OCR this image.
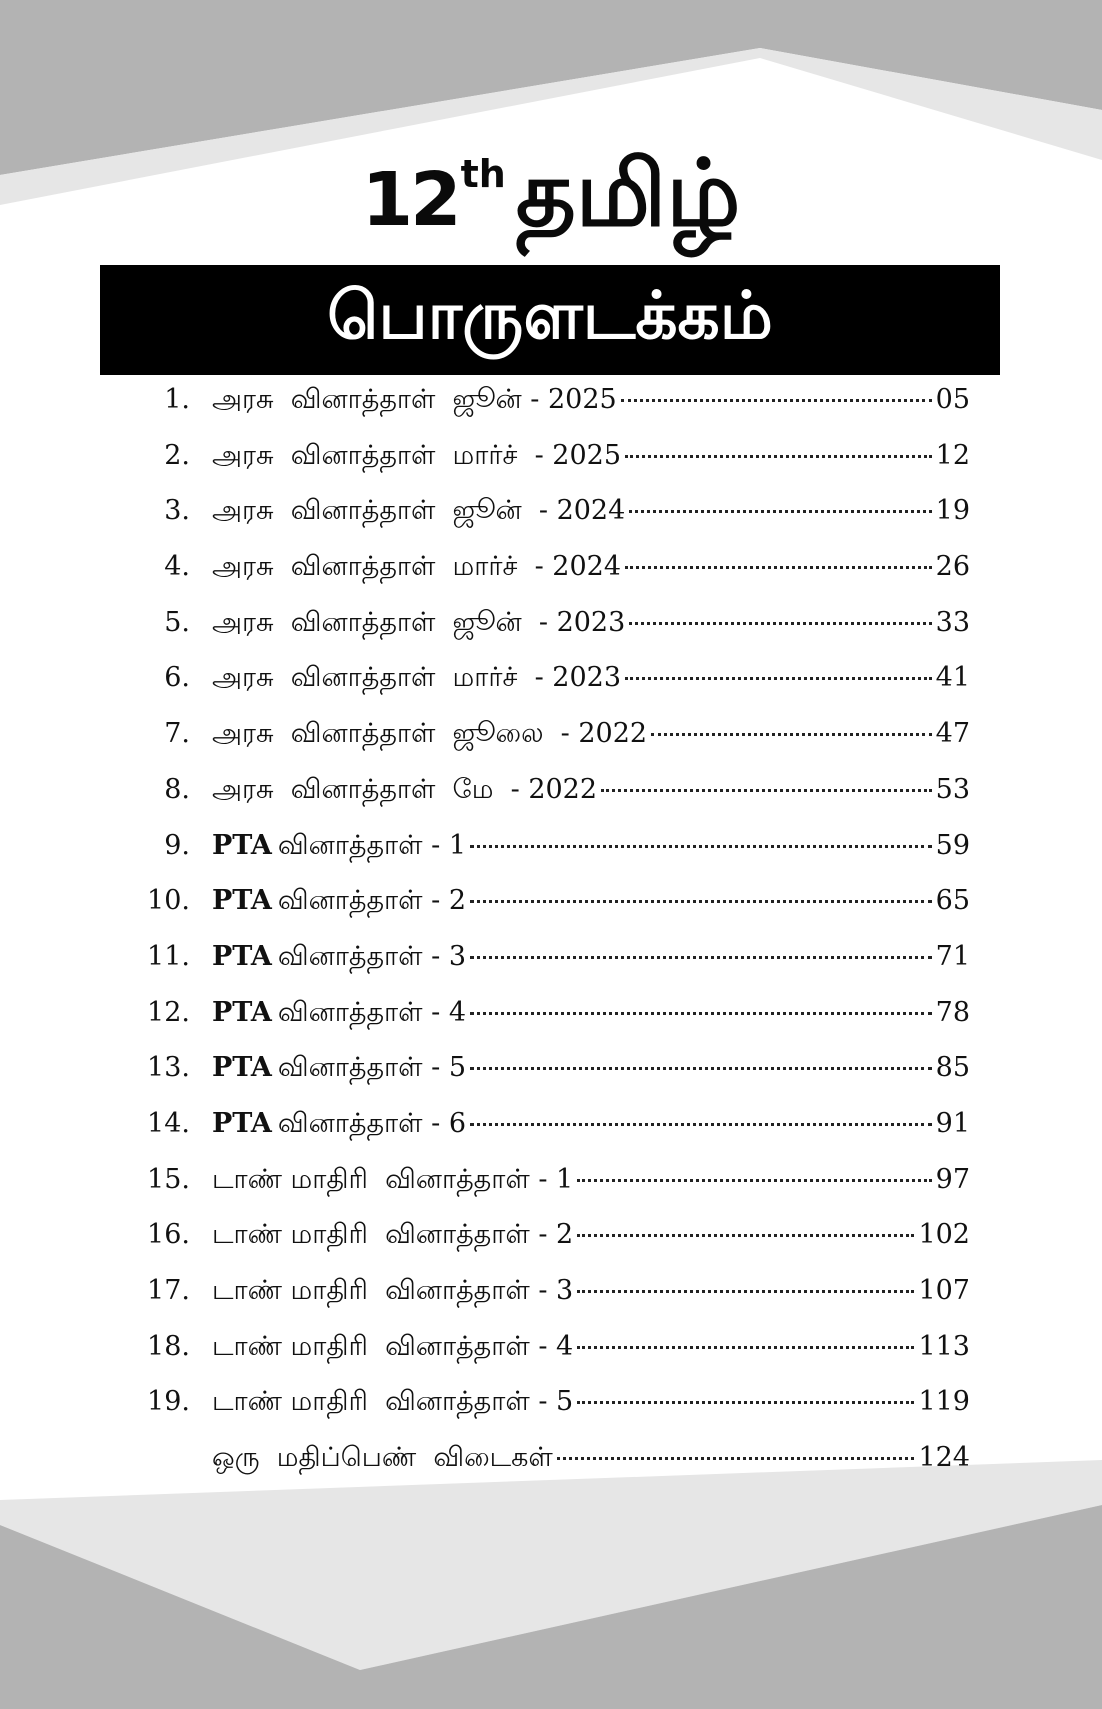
12th தமிழ்
பொருளடக்கம்
1. அரசு  வினாத்தாள்  ஜூன் - 2025	05
2. அரசு  வினாத்தாள்  மார்ச்  - 2025	12
3. அரசு  வினாத்தாள்  ஜூன்  - 2024	19
4. அரசு  வினாத்தாள்  மார்ச்  - 2024	26
5. அரசு  வினாத்தாள்  ஜூன்  - 2023	33
6. அரசு  வினாத்தாள்  மார்ச்  - 2023	41
7. அரசு  வினாத்தாள்  ஜூலை  - 2022	47
8. அரசு  வினாத்தாள்  மே  - 2022	53
9. PTA வினாத்தாள் - 1	59
10. PTA வினாத்தாள் - 2	65
11. PTA வினாத்தாள் - 3	71
12. PTA வினாத்தாள் - 4	78
13. PTA வினாத்தாள் - 5	85
14. PTA வினாத்தாள் - 6	91
15. டாண் மாதிரி  வினாத்தாள் - 1	97
16. டாண் மாதிரி  வினாத்தாள் - 2	102
17. டாண் மாதிரி  வினாத்தாள் - 3	107
18. டாண் மாதிரி  வினாத்தாள் - 4	113
19. டாண் மாதிரி  வினாத்தாள் - 5	119
ஒரு  மதிப்பெண்  விடைகள்	124
